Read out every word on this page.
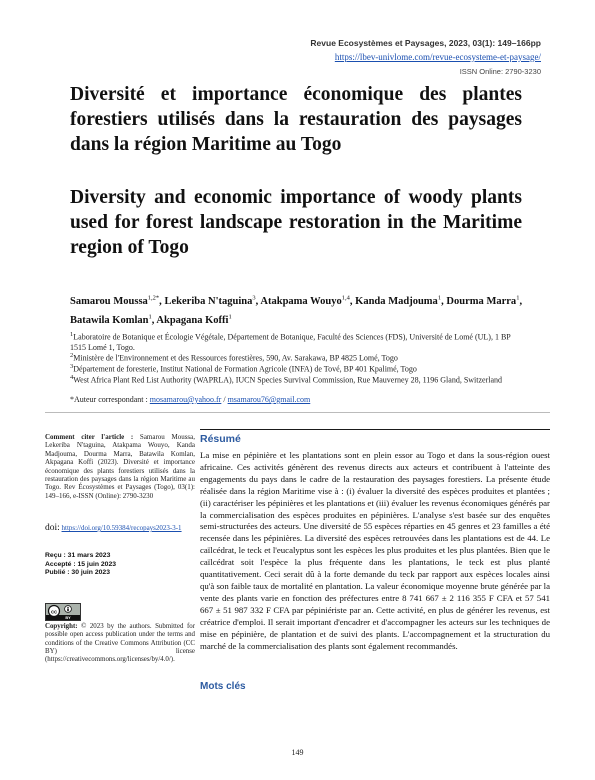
Revue Ecosystèmes et Paysages, 2023, 03(1): 149–166pp
https://lbev-univlome.com/revue-ecosysteme-et-paysage/
ISSN Online: 2790-3230
Diversité et importance économique des plantes forestiers utilisés dans la restauration des paysages dans la région Maritime au Togo
Diversity and economic importance of woody plants used for forest landscape restoration in the Maritime region of Togo
Samarou Moussa$^{1,2*}$, Lekeriba N'taguina$^3$, Atakpama Wouyo$^{1,4}$, Kanda Madjouma$^1$, Dourma Marra$^1$, Batawila Komlan$^1$, Akpagana Koffi$^1$
$^1$Laboratoire de Botanique et Écologie Végétale, Département de Botanique, Faculté des Sciences (FDS), Université de Lomé (UL), 1 BP 1515 Lomé 1, Togo.
$^2$Ministère de l'Environnement et des Ressources forestières, 590, Av. Sarakawa, BP 4825 Lomé, Togo
$^3$Département de foresterie, Institut National de Formation Agricole (INFA) de Tové, BP 401 Kpalimé, Togo
$^4$West Africa Plant Red List Authority (WAPRLA), IUCN Species Survival Commission, Rue Mauverney 28, 1196 Gland, Switzerland
*Auteur correspondant : mosamarou@yahoo.fr / msamarou76@gmail.com
Comment citer l'article : Samarou Moussa, Lekeriba N'taguina, Atakpama Wouyo, Kanda Madjouma, Dourma Marra, Batawila Komlan, Akpagana Koffi (2023). Diversité et importance économique des plants forestiers utilisés dans la restauration des paysages dans la région Maritime au Togo. Rev Écosystèmes et Paysages (Togo), 03(1): 149–166, e-ISSN (Online): 2790-3230
doi: https://doi.org/10.59384/recopays2023-3-1
Reçu : 31 mars 2023
Accepté : 15 juin 2023
Publié : 30 juin 2023
cc
BY
Copyright: © 2023 by the authors. Submitted for possible open access publication under the terms and conditions of the Creative Commons Attribution (CC BY) license (https://creativecommons.org/licenses/by/4.0/).
Résumé
La mise en pépinière et les plantations sont en plein essor au Togo et dans la sous-région ouest africaine. Ces activités génèrent des revenus directs aux acteurs et contribuent à l'atteinte des engagements du pays dans le cadre de la restauration des paysages forestiers. La présente étude réalisée dans la région Maritime vise à : (i) évaluer la diversité des espèces produites et plantées ; (ii) caractériser les pépinières et les plantations et (iii) évaluer les revenus économiques générés par la commercialisation des espèces produites en pépinières. L'analyse s'est basée sur des enquêtes semi-structurées des acteurs. Une diversité de 55 espèces réparties en 45 genres et 23 familles a été recensée dans les pépinières. La diversité des espèces retrouvées dans les plantations est de 44. Le caïlcédrat, le teck et l'eucalyptus sont les espèces les plus produites et les plus plantées. Bien que le caïlcédrat soit l'espèce la plus fréquente dans les plantations, le teck est plus planté quantitativement. Ceci serait dû à la forte demande du teck par rapport aux espèces locales ainsi qu'à son faible taux de mortalité en plantation. La valeur économique moyenne brute générée par la vente des plants varie en fonction des préfectures entre 8 741 667 ± 2 116 355 F CFA et 57 541 667 ± 51 987 332 F CFA par pépiniériste par an. Cette activité, en plus de générer les revenus, est créatrice d'emploi. Il serait important d'encadrer et d'accompagner les acteurs sur les techniques de mise en pépinière, de plantation et de suivi des plants. L'accompagnement et la structuration du marché de la commercialisation des plants sont également recommandés.
Mots clés
149
